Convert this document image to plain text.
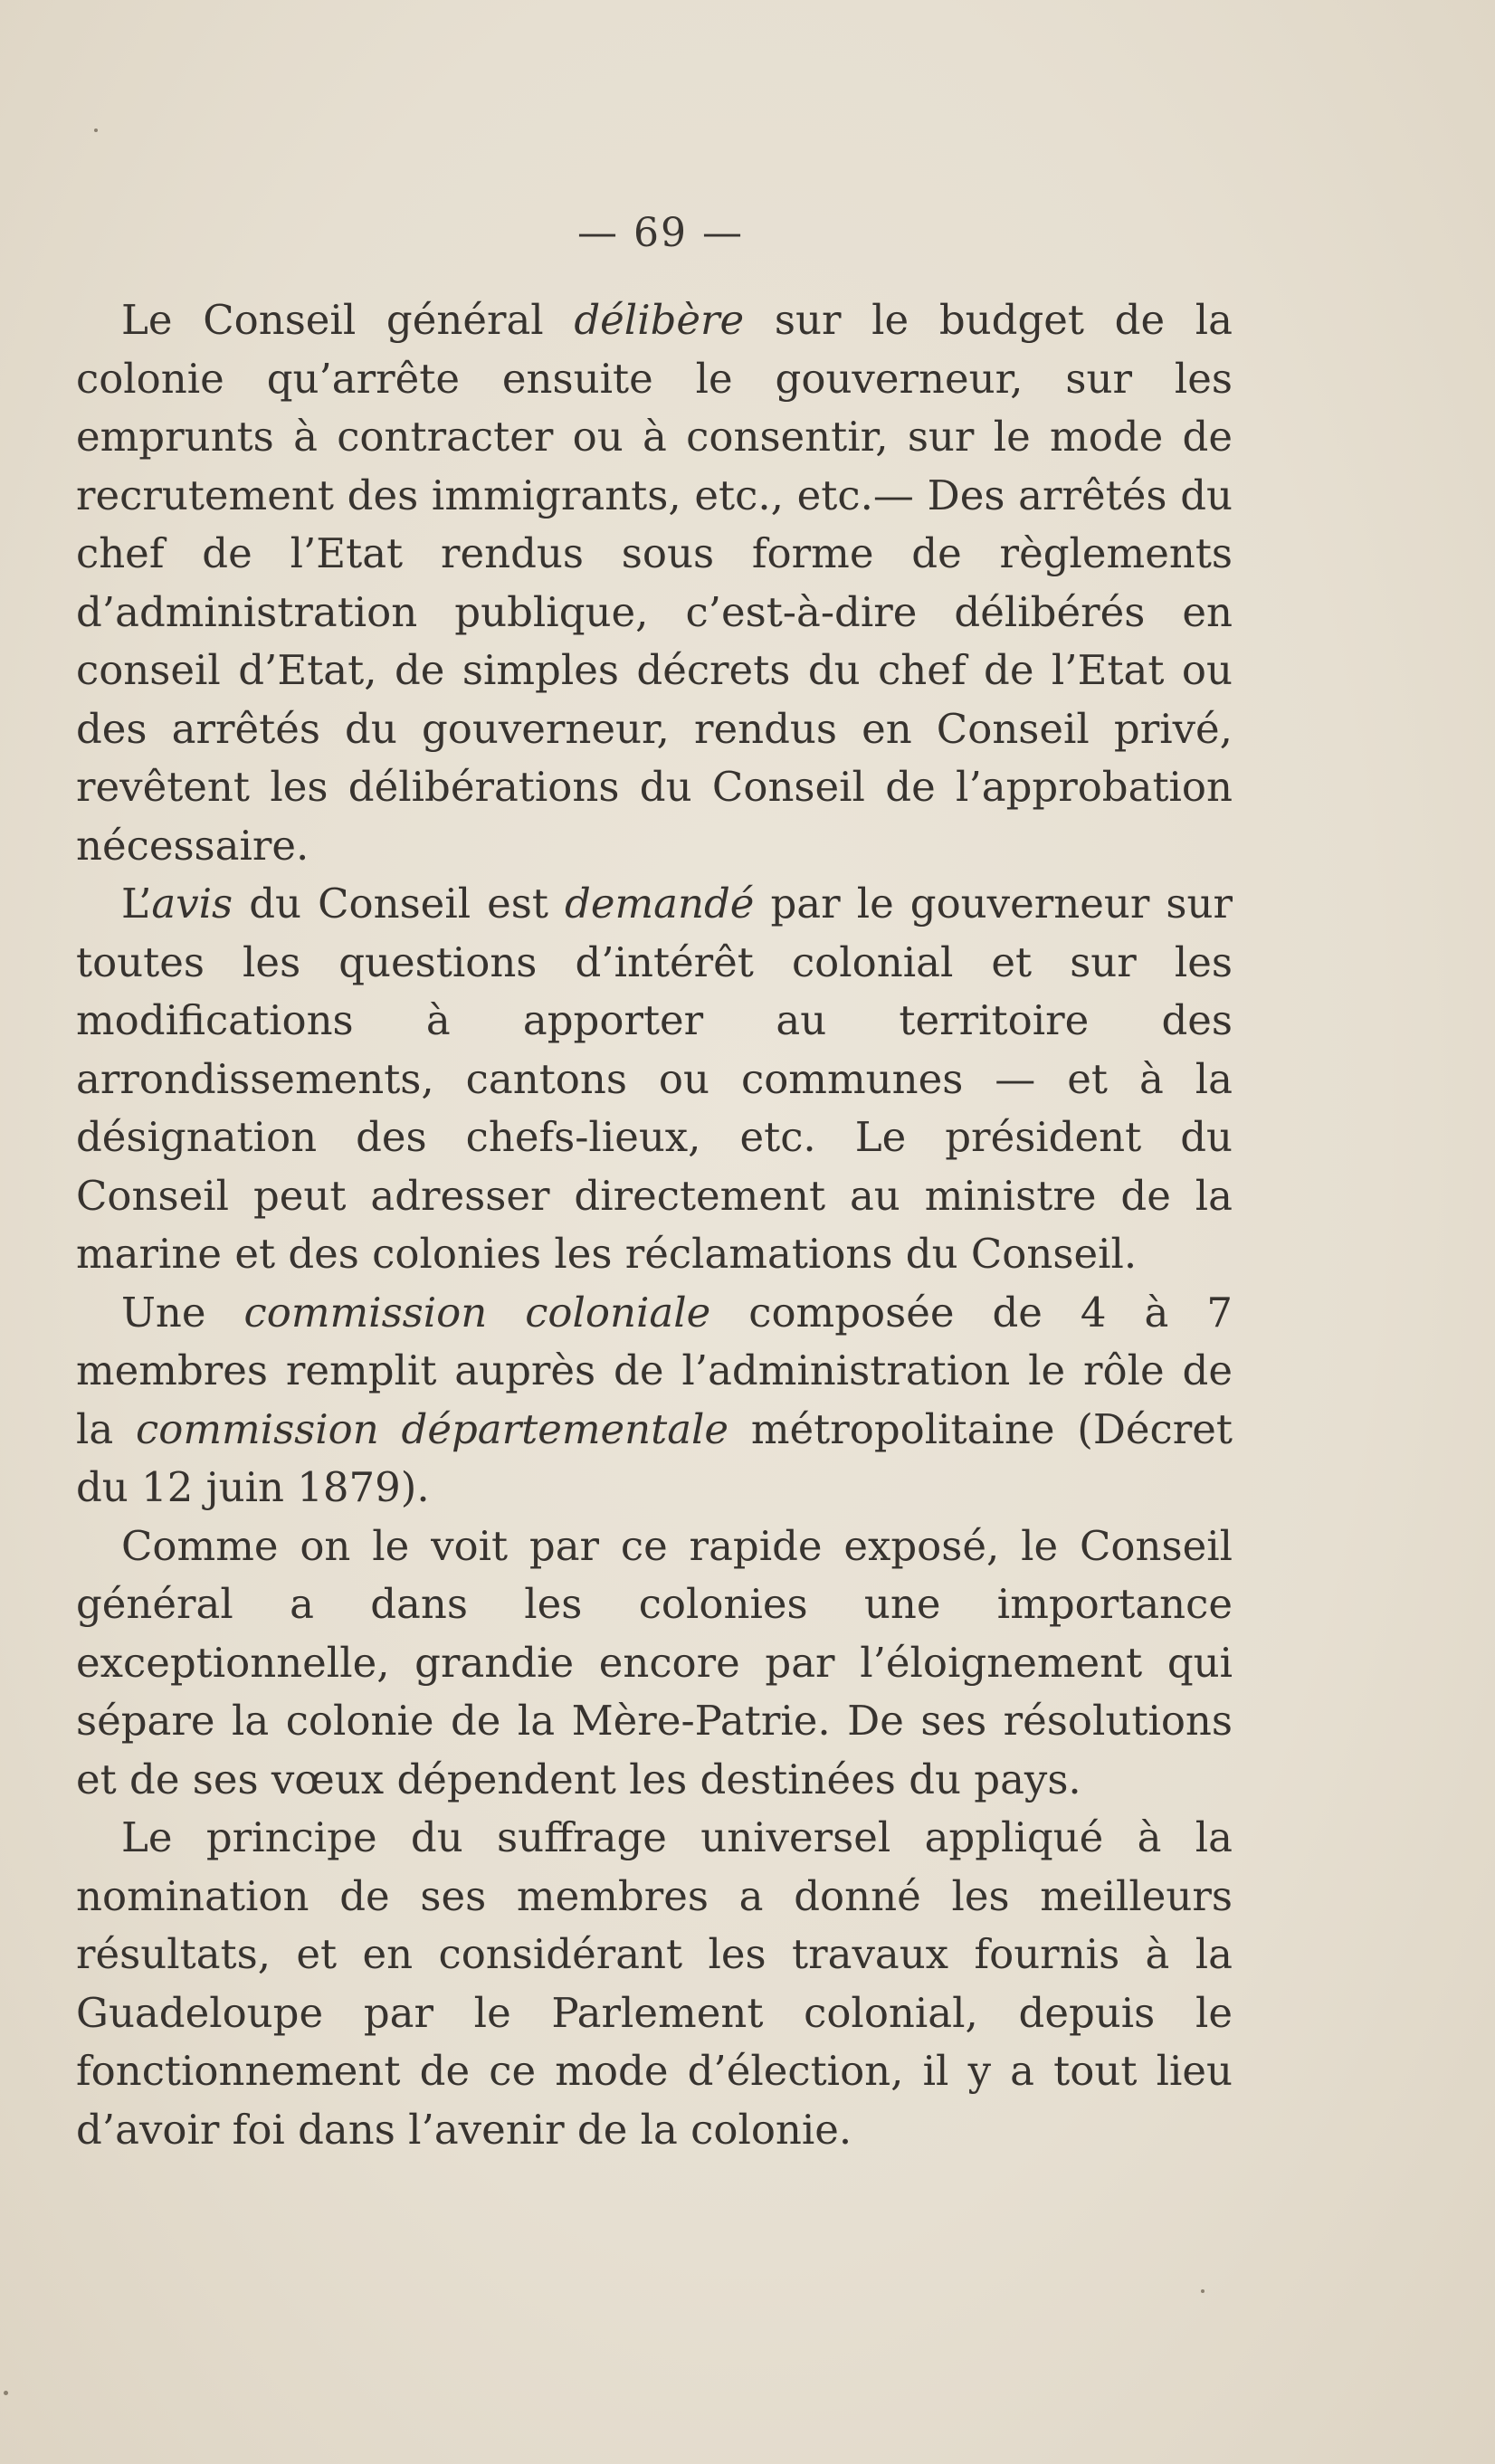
— 69 —

Le Conseil général délibère sur le budget de la colonie qu’arrête ensuite le gouverneur, sur les emprunts à contracter ou à consentir, sur le mode de recrutement des immigrants, etc., etc.— Des arrêtés du chef de l’Etat rendus sous forme de règlements d’administration publique, c’est-à-dire délibérés en conseil d’Etat, de simples décrets du chef de l’Etat ou des arrêtés du gouverneur, rendus en Conseil privé, revêtent les délibérations du Conseil de l’approbation nécessaire.

L’avis du Conseil est demandé par le gouverneur sur toutes les questions d’intérêt colonial et sur les modifications à apporter au territoire des arrondissements, cantons ou communes — et à la désignation des chefs-lieux, etc. Le président du Conseil peut adresser directement au ministre de la marine et des colonies les réclamations du Conseil.

Une commission coloniale composée de 4 à 7 membres remplit auprès de l’administration le rôle de la commission départementale métropolitaine (Décret du 12 juin 1879).

Comme on le voit par ce rapide exposé, le Conseil général a dans les colonies une importance exceptionnelle, grandie encore par l’éloignement qui sépare la colonie de la Mère-Patrie. De ses résolutions et de ses vœux dépendent les destinées du pays.

Le principe du suffrage universel appliqué à la nomination de ses membres a donné les meilleurs résultats, et en considérant les travaux fournis à la Guadeloupe par le Parlement colonial, depuis le fonctionnement de ce mode d’élection, il y a tout lieu d’avoir foi dans l’avenir de la colonie.
